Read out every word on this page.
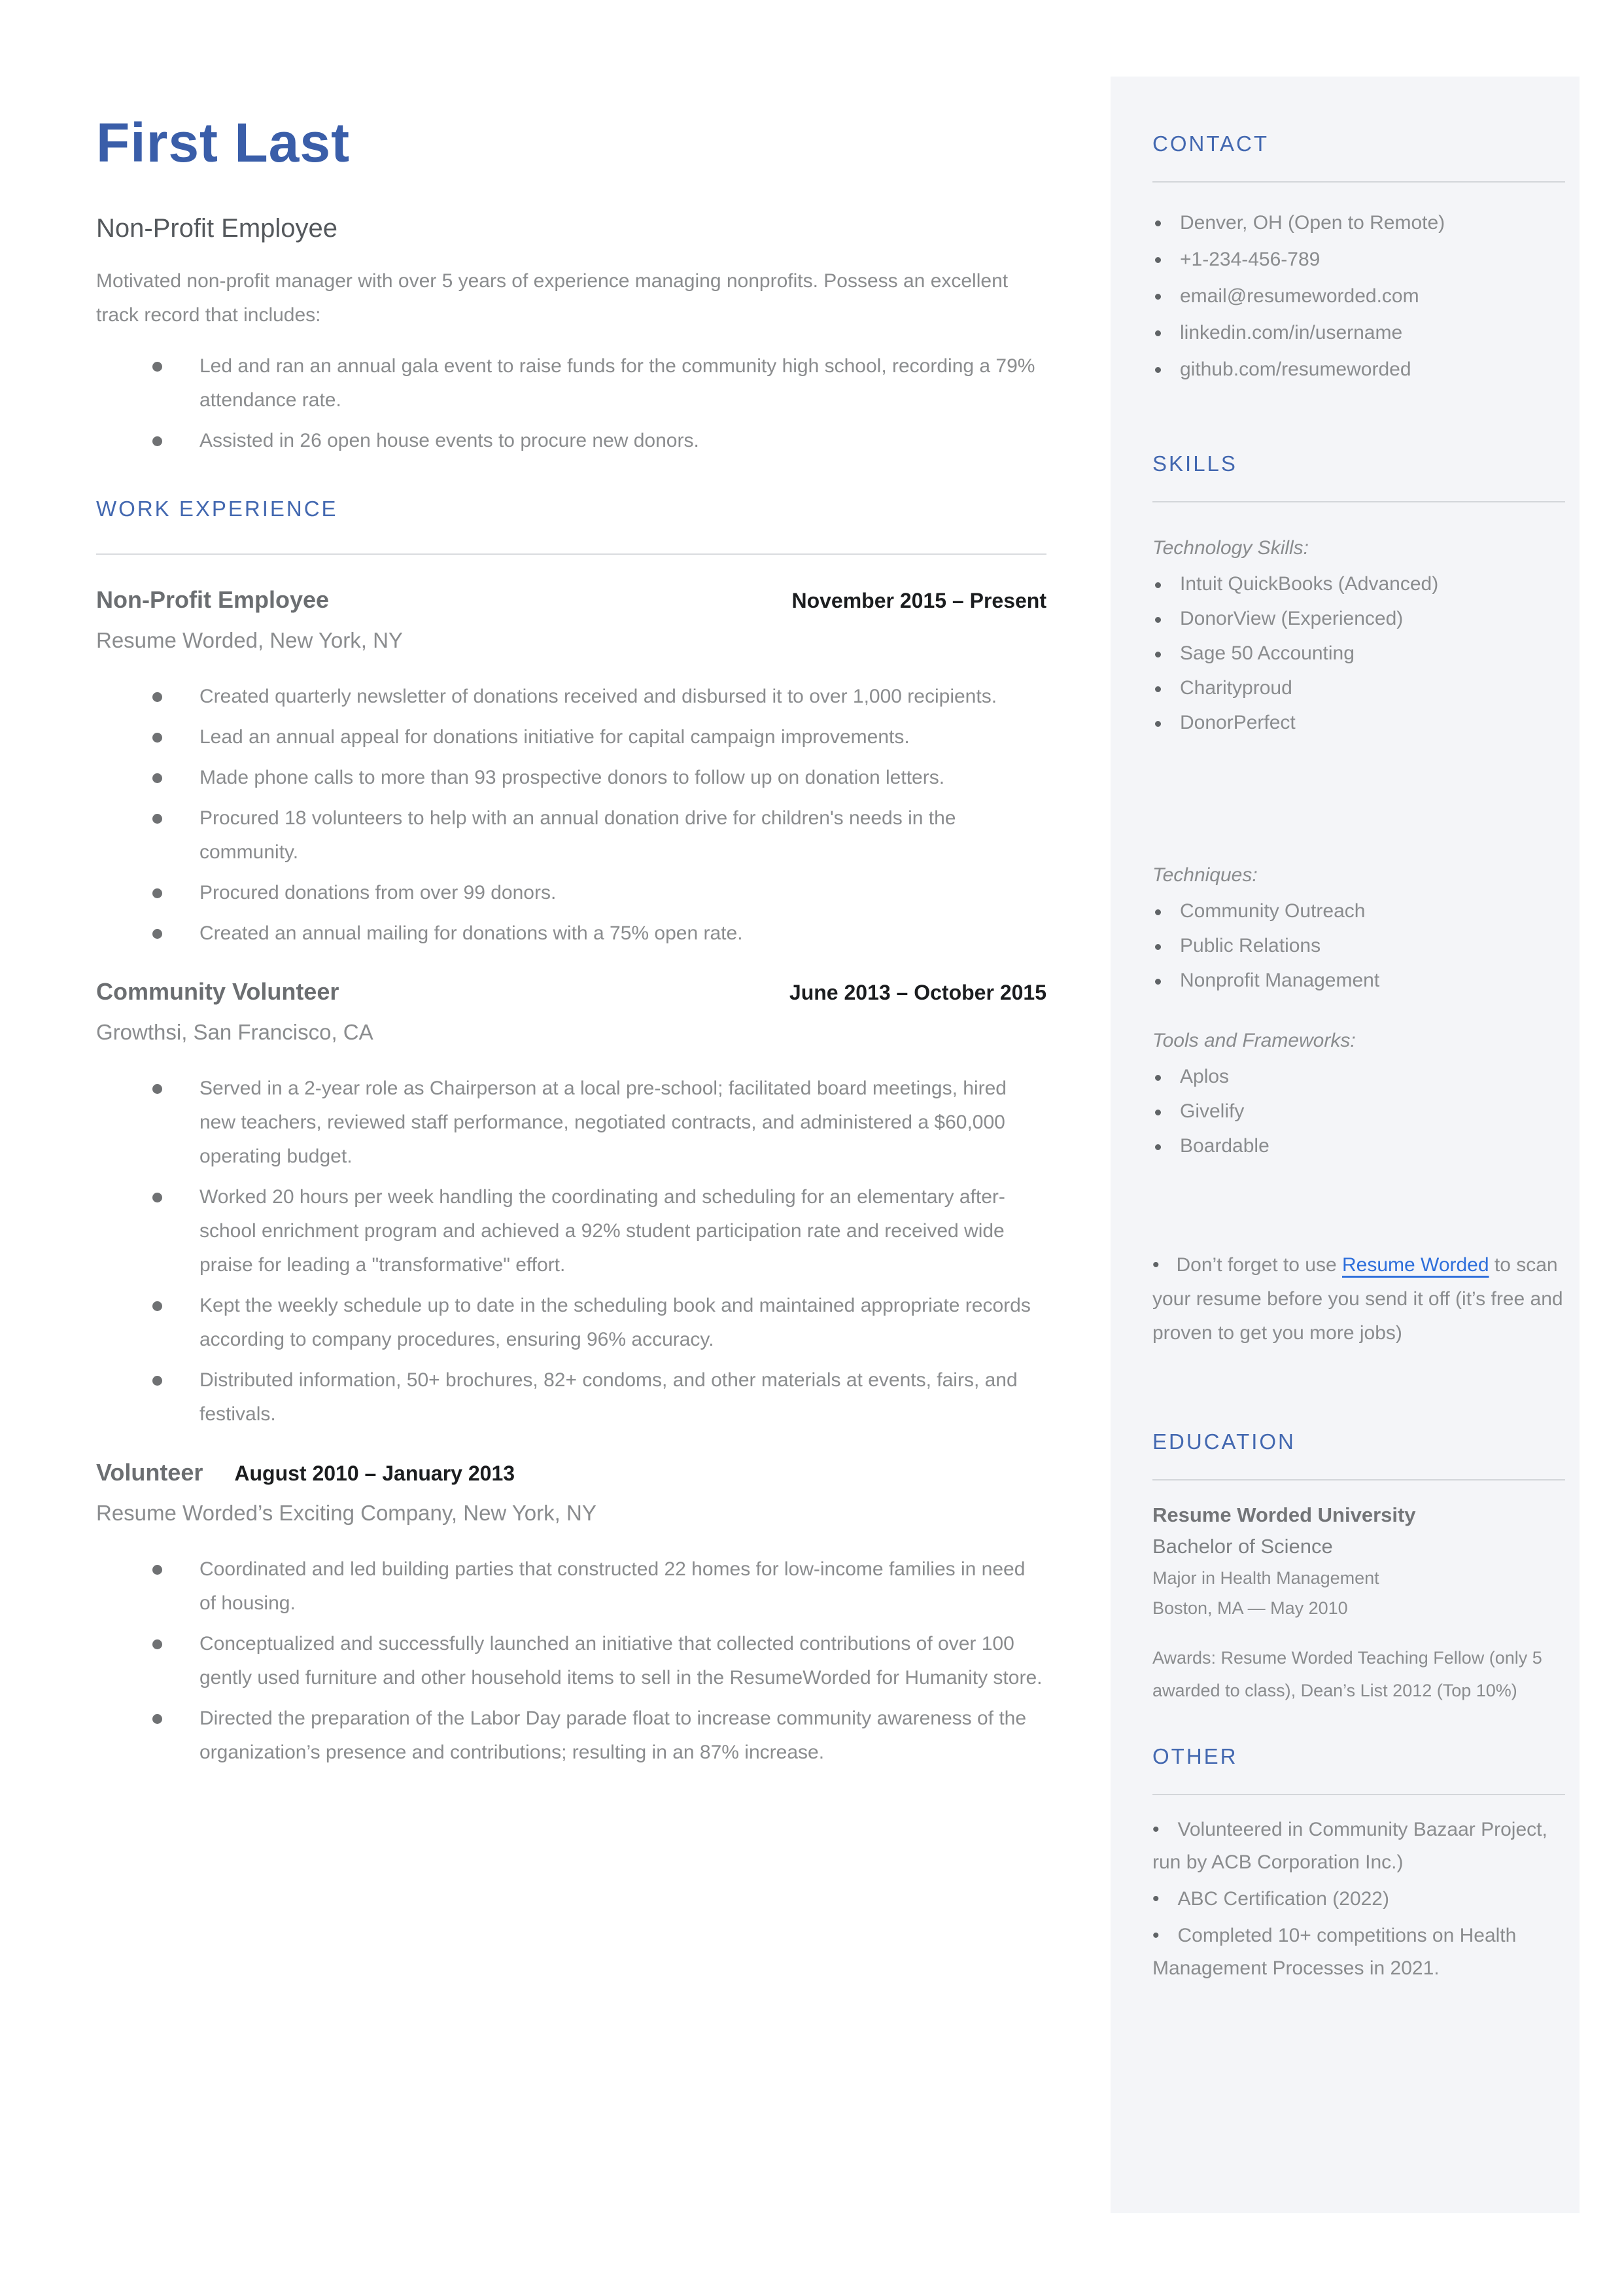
First Last
Non-Profit Employee

Motivated non-profit manager with over 5 years of experience managing nonprofits. Possess an excellent track record that includes:

Led and ran an annual gala event to raise funds for the community high school, recording a 79% attendance rate.
Assisted in 26 open house events to procure new donors.
WORK EXPERIENCE
Non-Profit Employee	November 2015 – Present
Resume Worded, New York, NY
Created quarterly newsletter of donations received and disbursed it to over 1,000 recipients.
Lead an annual appeal for donations initiative for capital campaign improvements.
Made phone calls to more than 93 prospective donors to follow up on donation letters.
Procured 18 volunteers to help with an annual donation drive for children's needs in the community.
Procured donations from over 99 donors.
Created an annual mailing for donations with a 75% open rate.
Community Volunteer	June 2013 – October 2015
Growthsi, San Francisco, CA
Served in a 2-year role as Chairperson at a local pre-school; facilitated board meetings, hired new teachers, reviewed staff performance, negotiated contracts, and administered a $60,000 operating budget.
Worked 20 hours per week handling the coordinating and scheduling for an elementary after-school enrichment program and achieved a 92% student participation rate and received wide praise for leading a "transformative" effort.
Kept the weekly schedule up to date in the scheduling book and maintained appropriate records according to company procedures, ensuring 96% accuracy.
Distributed information, 50+ brochures, 82+ condoms, and other materials at events, fairs, and festivals.
Volunteer August 2010 – January 2013
Resume Worded’s Exciting Company, New York, NY
Coordinated and led building parties that constructed 22 homes for low-income families in need of housing.
Conceptualized and successfully launched an initiative that collected contributions of over 100 gently used furniture and other household items to sell in the ResumeWorded for Humanity store.
Directed the preparation of the Labor Day parade float to increase community awareness of the organization’s presence and contributions; resulting in an 87% increase.
CONTACT
Denver, OH (Open to Remote)
+1-234-456-789
email@resumeworded.com
linkedin.com/in/username
github.com/resumeworded
SKILLS
Technology Skills:
Intuit QuickBooks (Advanced)
DonorView (Experienced)
Sage 50 Accounting
Charityproud
DonorPerfect
Techniques:
Community Outreach
Public Relations
Nonprofit Management
Tools and Frameworks:
Aplos
Givelify
Boardable
• Don’t forget to use Resume Worded to scan your resume before you send it off (it’s free and proven to get you more jobs)
EDUCATION
Resume Worded University
Bachelor of Science
Major in Health Management
Boston, MA — May 2010
Awards: Resume Worded Teaching Fellow (only 5 awarded to class), Dean’s List 2012 (Top 10%)
OTHER
• Volunteered in Community Bazaar Project, run by ACB Corporation Inc.)
• ABC Certification (2022)
• Completed 10+ competitions on Health Management Processes in 2021.
